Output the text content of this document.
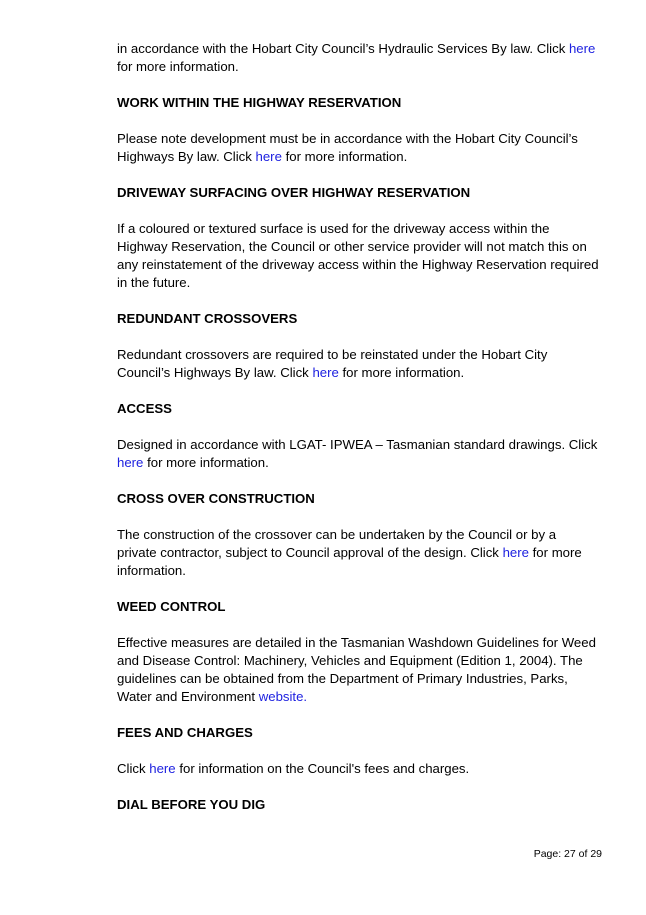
in accordance with the Hobart City Council’s Hydraulic Services By law. Click here for more information.

WORK WITHIN THE HIGHWAY RESERVATION

Please note development must be in accordance with the Hobart City Council’s Highways By law. Click here for more information.

DRIVEWAY SURFACING OVER HIGHWAY RESERVATION

If a coloured or textured surface is used for the driveway access within the Highway Reservation, the Council or other service provider will not match this on any reinstatement of the driveway access within the Highway Reservation required in the future.

REDUNDANT CROSSOVERS

Redundant crossovers are required to be reinstated under the Hobart City Council’s Highways By law. Click here for more information.

ACCESS

Designed in accordance with LGAT- IPWEA – Tasmanian standard drawings. Click here for more information.

CROSS OVER CONSTRUCTION

The construction of the crossover can be undertaken by the Council or by a private contractor, subject to Council approval of the design. Click here for more information.

WEED CONTROL

Effective measures are detailed in the Tasmanian Washdown Guidelines for Weed and Disease Control: Machinery, Vehicles and Equipment (Edition 1, 2004). The guidelines can be obtained from the Department of Primary Industries, Parks, Water and Environment website.

FEES AND CHARGES

Click here for information on the Council's fees and charges.

DIAL BEFORE YOU DIG
Page: 27 of 29
